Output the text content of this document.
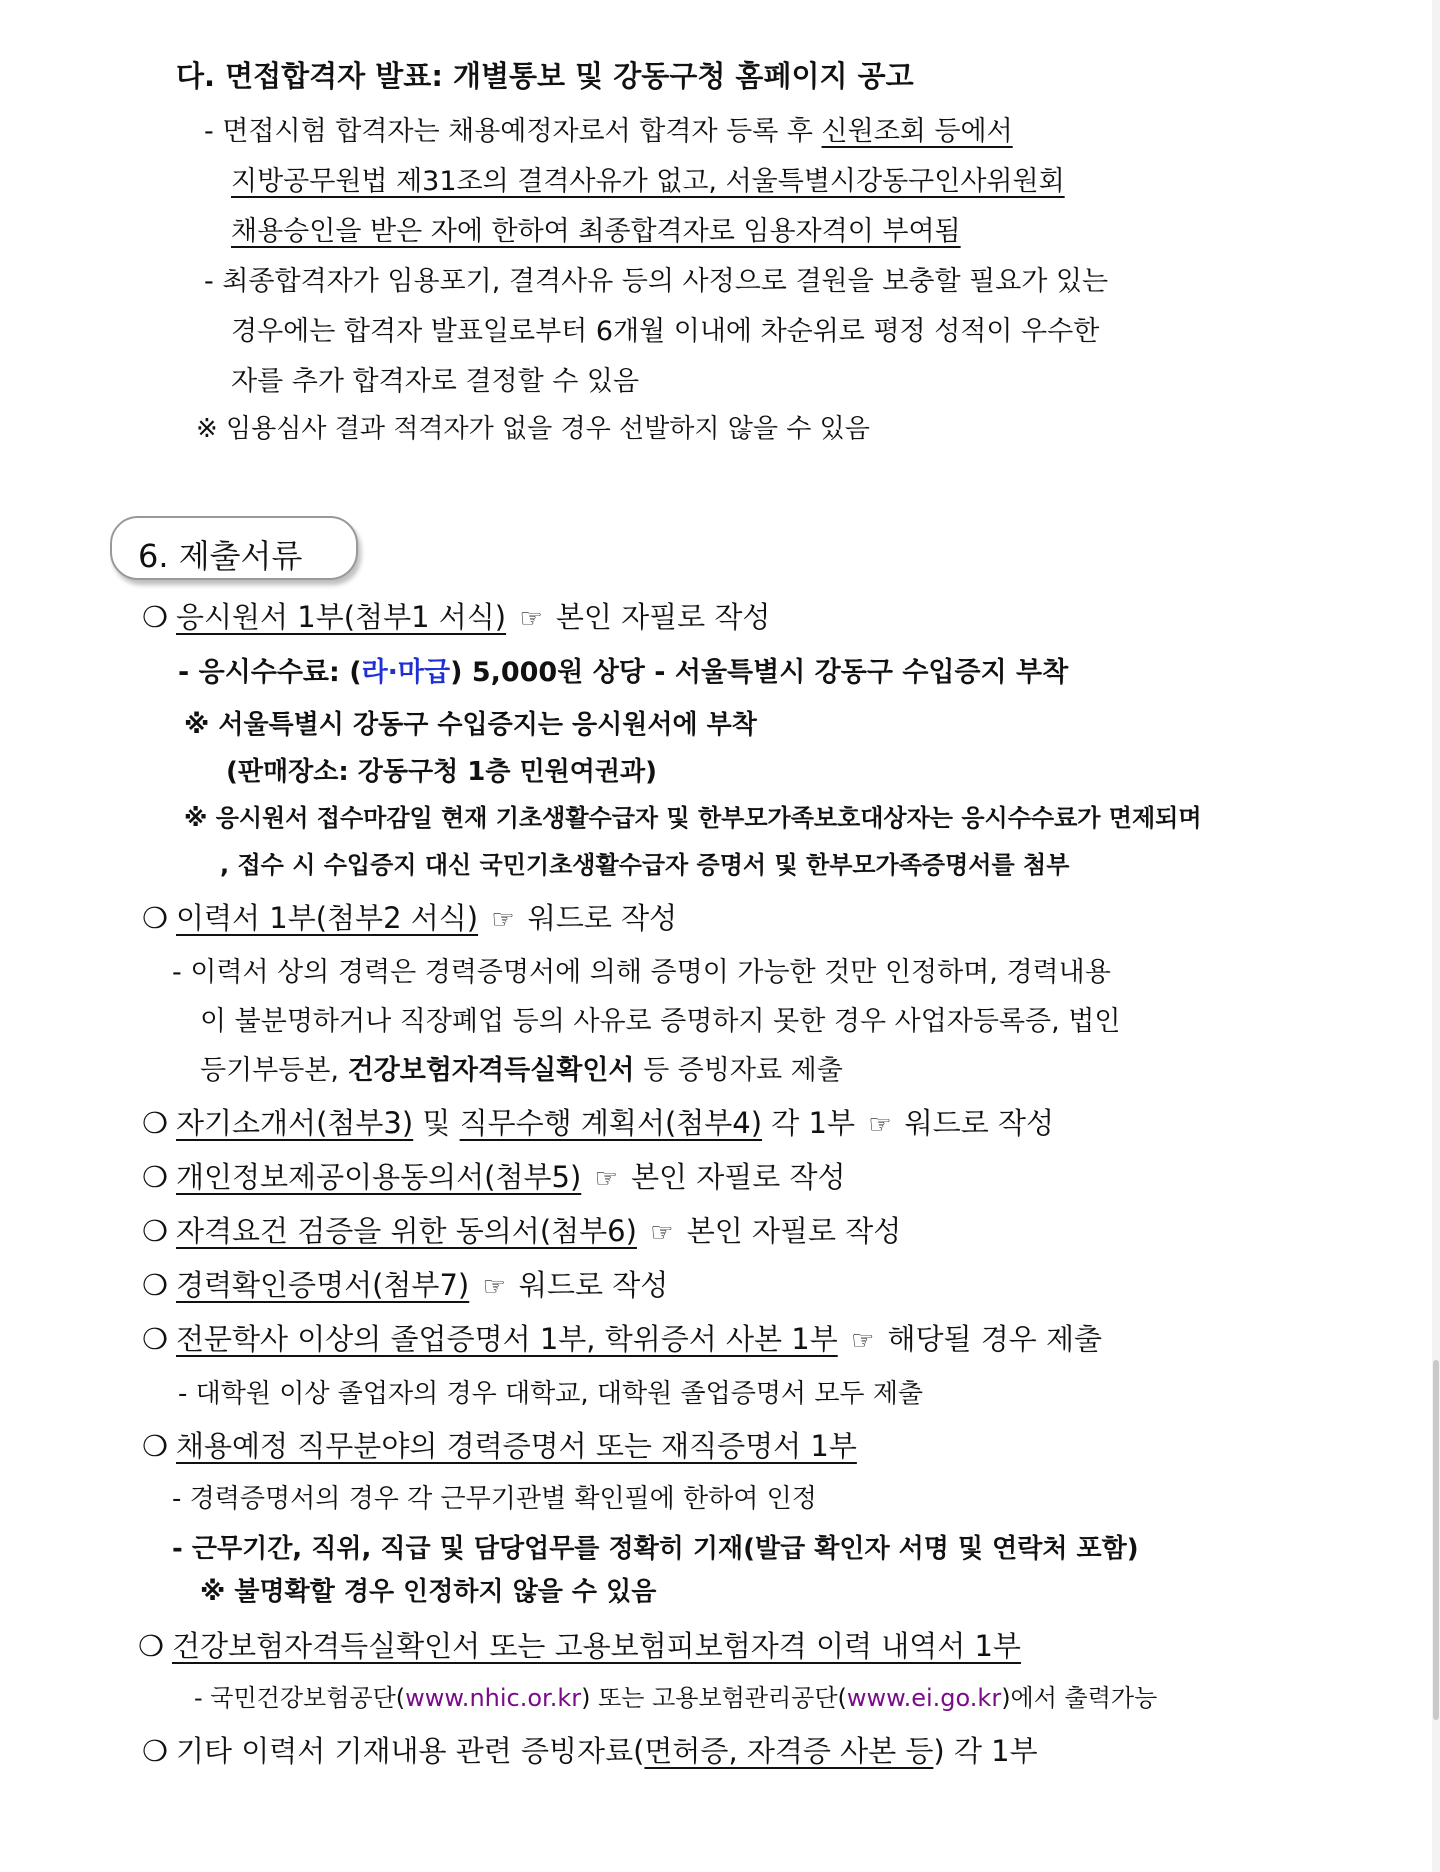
다. 면접합격자 발표: 개별통보 및 강동구청 홈페이지 공고
- 면접시험 합격자는 채용예정자로서 합격자 등록 후 신원조회 등에서
지방공무원법 제31조의 결격사유가 없고, 서울특별시강동구인사위원회
채용승인을 받은 자에 한하여 최종합격자로 임용자격이 부여됨
- 최종합격자가 임용포기, 결격사유 등의 사정으로 결원을 보충할 필요가 있는
경우에는 합격자 발표일로부터 6개월 이내에 차순위로 평정 성적이 우수한
자를 추가 합격자로 결정할 수 있음
※ 임용심사 결과 적격자가 없을 경우 선발하지 않을 수 있음
6. 제출서류
❍ 응시원서 1부(첨부1 서식) ☞ 본인 자필로 작성
- 응시수수료: (라·마급) 5,000원 상당 - 서울특별시 강동구 수입증지 부착
※ 서울특별시 강동구 수입증지는 응시원서에 부착
(판매장소: 강동구청 1층 민원여권과)
※ 응시원서 접수마감일 현재 기초생활수급자 및 한부모가족보호대상자는 응시수수료가 면제되며
, 접수 시 수입증지 대신 국민기초생활수급자 증명서 및 한부모가족증명서를 첨부
❍ 이력서 1부(첨부2 서식) ☞ 워드로 작성
- 이력서 상의 경력은 경력증명서에 의해 증명이 가능한 것만 인정하며, 경력내용
이 불분명하거나 직장폐업 등의 사유로 증명하지 못한 경우 사업자등록증, 법인
등기부등본, 건강보험자격득실확인서 등 증빙자료 제출
❍ 자기소개서(첨부3) 및 직무수행 계획서(첨부4) 각 1부 ☞ 워드로 작성
❍ 개인정보제공이용동의서(첨부5) ☞ 본인 자필로 작성
❍ 자격요건 검증을 위한 동의서(첨부6) ☞ 본인 자필로 작성
❍ 경력확인증명서(첨부7) ☞ 워드로 작성
❍ 전문학사 이상의 졸업증명서 1부, 학위증서 사본 1부 ☞ 해당될 경우 제출
- 대학원 이상 졸업자의 경우 대학교, 대학원 졸업증명서 모두 제출
❍ 채용예정 직무분야의 경력증명서 또는 재직증명서 1부
- 경력증명서의 경우 각 근무기관별 확인필에 한하여 인정
- 근무기간, 직위, 직급 및 담당업무를 정확히 기재(발급 확인자 서명 및 연락처 포함)
※ 불명확할 경우 인정하지 않을 수 있음
❍ 건강보험자격득실확인서 또는 고용보험피보험자격 이력 내역서 1부
- 국민건강보험공단(www.nhic.or.kr) 또는 고용보험관리공단(www.ei.go.kr)에서 출력가능
❍ 기타 이력서 기재내용 관련 증빙자료(면허증, 자격증 사본 등) 각 1부
